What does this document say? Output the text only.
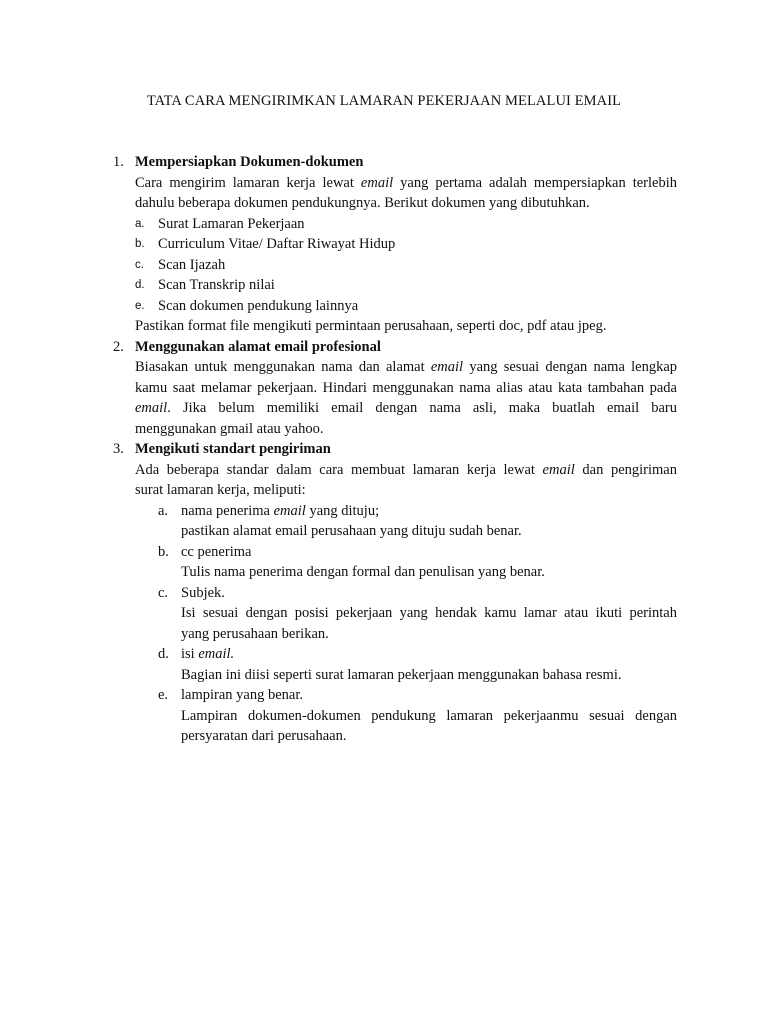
TATA CARA MENGIRIMKAN LAMARAN PEKERJAAN MELALUI EMAIL
1. Mempersiapkan Dokumen-dokumen
Cara mengirim lamaran kerja lewat email yang pertama adalah mempersiapkan terlebih
dahulu beberapa dokumen pendukungnya. Berikut dokumen yang dibutuhkan.
a. Surat Lamaran Pekerjaan
b. Curriculum Vitae/ Daftar Riwayat Hidup
c. Scan Ijazah
d. Scan Transkrip nilai
e. Scan dokumen pendukung lainnya
Pastikan format file mengikuti permintaan perusahaan, seperti doc, pdf atau jpeg.
2. Menggunakan alamat email profesional
Biasakan untuk menggunakan nama dan alamat email yang sesuai dengan nama lengkap
kamu saat melamar pekerjaan. Hindari menggunakan nama alias atau kata tambahan pada
email. Jika belum memiliki email dengan nama asli, maka buatlah email baru
menggunakan gmail atau yahoo.
3. Mengikuti standart pengiriman
Ada beberapa standar dalam cara membuat lamaran kerja lewat email dan pengiriman
surat lamaran kerja, meliputi:
a. nama penerima email yang dituju;
pastikan alamat email perusahaan yang dituju sudah benar.
b. cc penerima
Tulis nama penerima dengan formal dan penulisan yang benar.
c. Subjek.
Isi sesuai dengan posisi pekerjaan yang hendak kamu lamar atau ikuti perintah
yang perusahaan berikan.
d. isi email.
Bagian ini diisi seperti surat lamaran pekerjaan menggunakan bahasa resmi.
e. lampiran yang benar.
Lampiran dokumen-dokumen pendukung lamaran pekerjaanmu sesuai dengan
persyaratan dari perusahaan.
